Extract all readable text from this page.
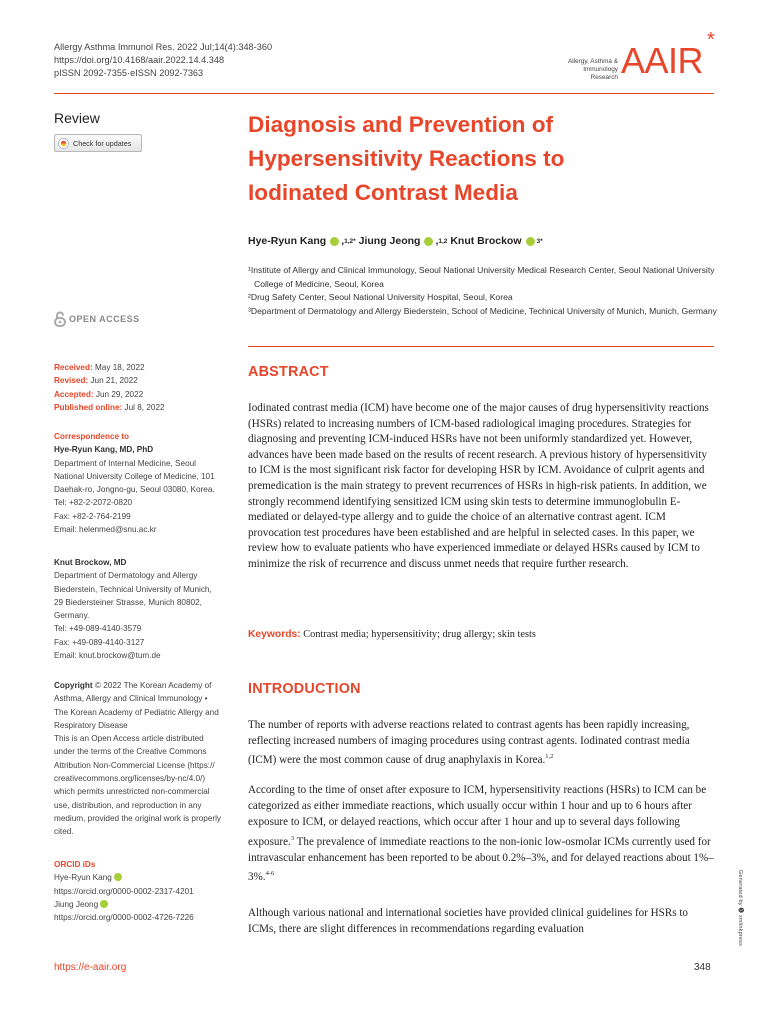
Allergy Asthma Immunol Res. 2022 Jul;14(4):348-360
https://doi.org/10.4168/aair.2022.14.4.348
pISSN 2092-7355·eISSN 2092-7363
Allergy, Asthma &
Immunology Research AAIR *
Review
Check for updates
OPEN ACCESS
Received: May 18, 2022
Revised: Jun 21, 2022
Accepted: Jun 29, 2022
Published online: Jul 8, 2022
Correspondence to
Hye-Ryun Kang, MD, PhD
Department of Internal Medicine, Seoul
National University College of Medicine, 101
Daehak-ro, Jongno-gu, Seoul 03080, Korea.
Tel: +82-2-2072-0820
Fax: +82-2-764-2199
Email: helenmed@snu.ac.kr
Knut Brockow, MD
Department of Dermatology and Allergy
Biederstein, Technical University of Munich,
29 Biedersteiner Strasse, Munich 80802,
Germany.
Tel: +49-089-4140-3579
Fax: +49-089-4140-3127
Email: knut.brockow@tum.de
Copyright © 2022 The Korean Academy of
Asthma, Allergy and Clinical Immunology •
The Korean Academy of Pediatric Allergy and
Respiratory Disease
This is an Open Access article distributed
under the terms of the Creative Commons
Attribution Non-Commercial License (https://
creativecommons.org/licenses/by-nc/4.0/)
which permits unrestricted non-commercial
use, distribution, and reproduction in any
medium, provided the original work is properly
cited.
ORCID iDs
Hye-Ryun Kang
https://orcid.org/0000-0002-2317-4201
Jiung Jeong
https://orcid.org/0000-0002-4726-7226
Diagnosis and Prevention of
Hypersensitivity Reactions to
Iodinated Contrast Media
Hye-Ryun Kang , 1,2*
Jiung Jeong , 1,2
Knut Brockow 3*
¹Institute of Allergy and Clinical Immunology, Seoul National University Medical Research Center, Seoul National University College of Medicine, Seoul, Korea
²Drug Safety Center, Seoul National University Hospital, Seoul, Korea
³Department of Dermatology and Allergy Biederstein, School of Medicine, Technical University of Munich, Munich, Germany
ABSTRACT

Iodinated contrast media (ICM) have become one of the major causes of drug hypersensitivity reactions (HSRs) related to increasing numbers of ICM-based radiological imaging procedures. Strategies for diagnosing and preventing ICM-induced HSRs have not been uniformly standardized yet. However, advances have been made based on the results of recent research. A previous history of hypersensitivity to ICM is the most significant risk factor for developing HSR by ICM. Avoidance of culprit agents and premedication is the main strategy to prevent recurrences of HSRs in high-risk patients. In addition, we strongly recommend identifying sensitized ICM using skin tests to determine immunoglobulin E-mediated or delayed-type allergy and to guide the choice of an alternative contrast agent. ICM provocation test procedures have been established and are helpful in selected cases. In this paper, we review how to evaluate patients who have experienced immediate or delayed HSRs caused by ICM to minimize the risk of recurrence and discuss unmet needs that require further research.

Keywords: Contrast media; hypersensitivity; drug allergy; skin tests
INTRODUCTION

The number of reports with adverse reactions related to contrast agents has been rapidly increasing, reflecting increased numbers of imaging procedures using contrast agents. Iodinated contrast media (ICM) were the most common cause of drug anaphylaxis in Korea.$^{1,2}$

According to the time of onset after exposure to ICM, hypersensitivity reactions (HSRs) to ICM can be categorized as either immediate reactions, which usually occur within 1 hour and up to 6 hours after exposure to ICM, or delayed reactions, which occur after 1 hour and up to several days following exposure.$^3$ The prevalence of immediate reactions to the non-ionic low-osmolar ICMs currently used for intravascular enhancement has been reported to be about 0.2%–3%, and for delayed reactions about 1%–3%.$^{4-6}$

Although various national and international societies have provided clinical guidelines for HSRs to ICMs, there are slight differences in recommendations regarding evaluation	Generated by 🅧 xmlinkpress
https://e-aair.org	348
